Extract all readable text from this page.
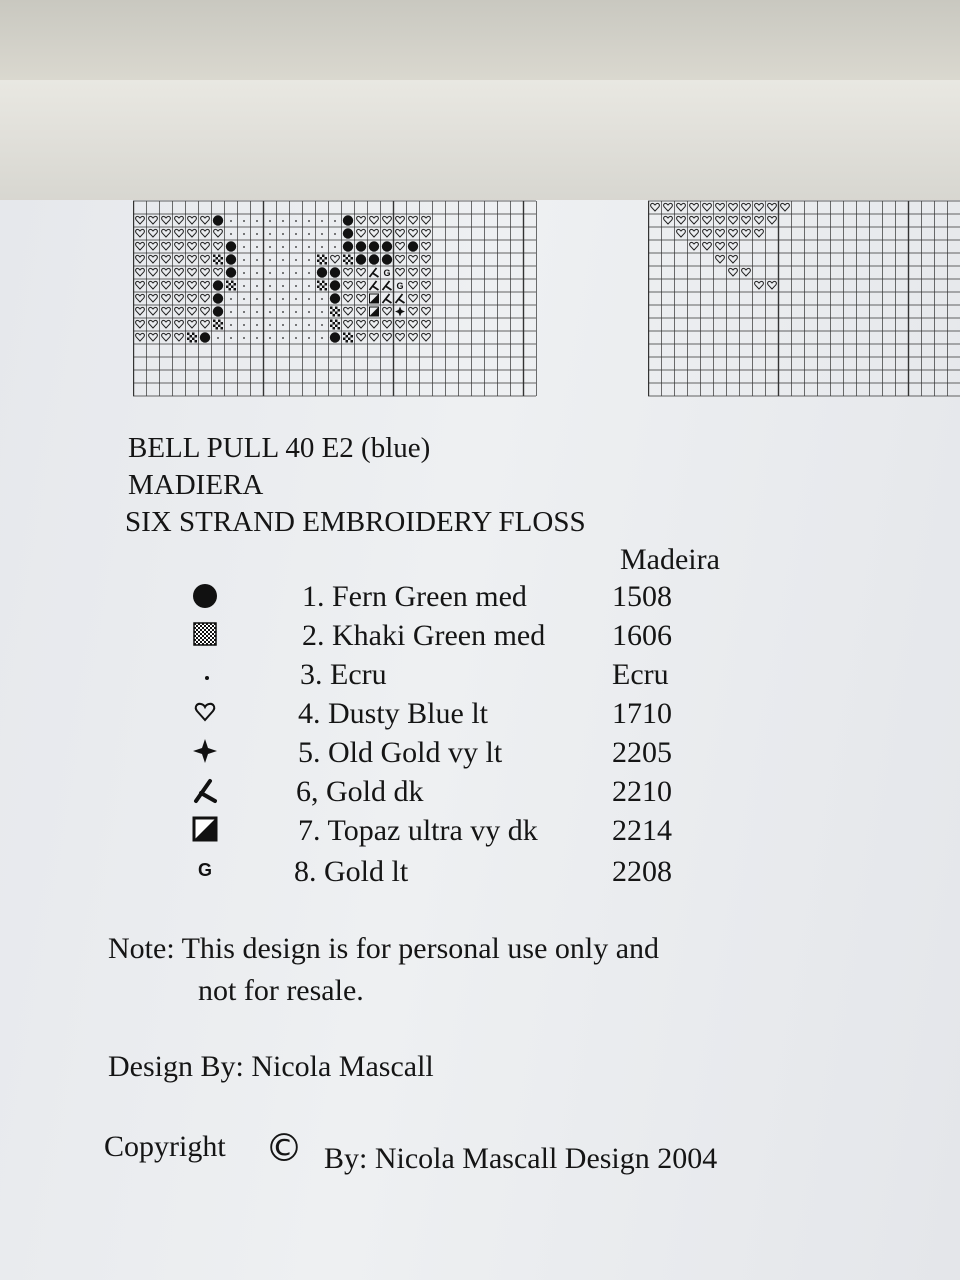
G
G
BELL PULL 40 E2 (blue)
MADIERA
SIX STRAND EMBROIDERY FLOSS
Madeira
1. Fern Green med	1508
2. Khaki Green med 1606
3. Ecru	Ecru
4. Dusty Blue lt	1710
5. Old Gold vy lt	2205
6, Gold dk	2210
7. Topaz ultra vy dk 2214
G	8. Gold lt	2208
Note: This design is for personal use only and
not for resale.
Design By: Nicola Mascall
Copyright © By: Nicola Mascall Design 2004
